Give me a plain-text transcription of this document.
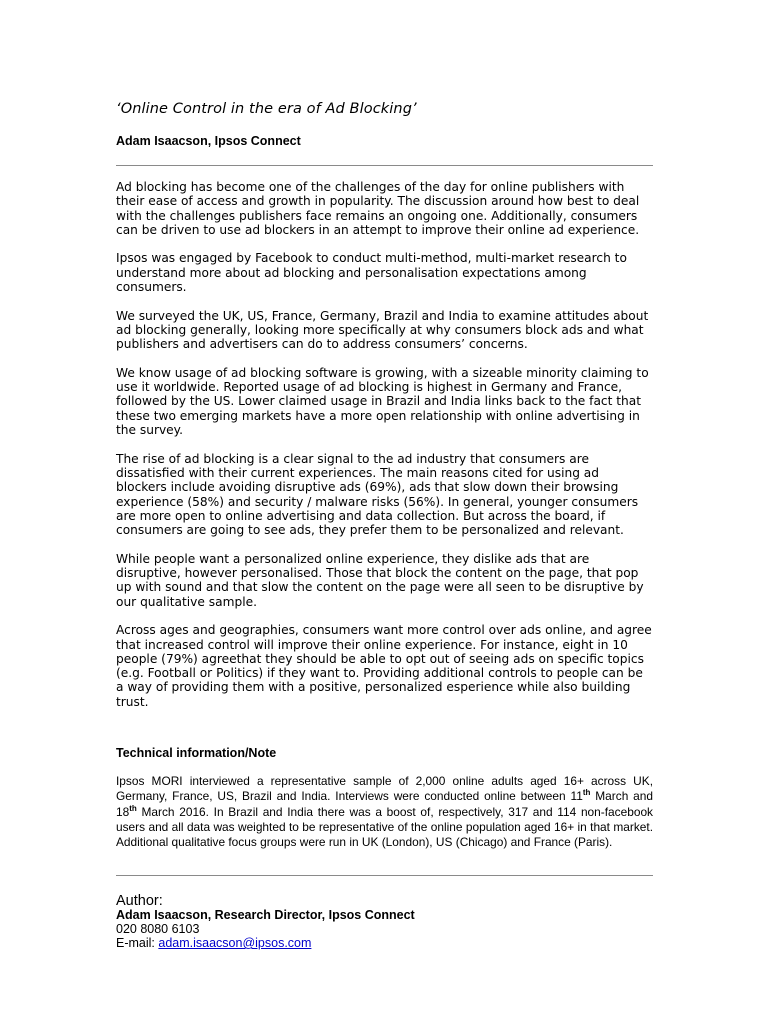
‘Online Control in the era of Ad Blocking’
Adam Isaacson, Ipsos Connect

Ad blocking has become one of the challenges of the day for online publishers with their ease of access and growth in popularity. The discussion around how best to deal with the challenges publishers face remains an ongoing one. Additionally, consumers can be driven to use ad blockers in an attempt to improve their online ad experience.

Ipsos was engaged by Facebook to conduct multi-method, multi-market research to understand more about ad blocking and personalisation expectations among consumers.

We surveyed the UK, US, France, Germany, Brazil and India to examine attitudes about ad blocking generally, looking more specifically at why consumers block ads and what publishers and advertisers can do to address consumers’ concerns.

We know usage of ad blocking software is growing, with a sizeable minority claiming to use it worldwide. Reported usage of ad blocking is highest in Germany and France, followed by the US. Lower claimed usage in Brazil and India links back to the fact that these two emerging markets have a more open relationship with online advertising in the survey.

The rise of ad blocking is a clear signal to the ad industry that consumers are dissatisfied with their current experiences. The main reasons cited for using ad blockers include avoiding disruptive ads (69%), ads that slow down their browsing experience (58%) and security / malware risks (56%). In general, younger consumers are more open to online advertising and data collection. But across the board, if consumers are going to see ads, they prefer them to be personalized and relevant.

While people want a personalized online experience, they dislike ads that are disruptive, however personalised. Those that block the content on the page, that pop up with sound and that slow the content on the page were all seen to be disruptive by our qualitative sample.

Across ages and geographies, consumers want more control over ads online, and agree that increased control will improve their online experience. For instance, eight in 10 people (79%) agreethat they should be able to opt out of seeing ads on specific topics (e.g. Football or Politics) if they want to. Providing additional controls to people can be a way of providing them with a positive, personalized esperience while also building trust.

Technical information/Note
Ipsos MORI interviewed a representative sample of 2,000 online adults aged 16+ across UK, Germany, France, US, Brazil and India. Interviews were conducted online between 11th March and 18th March 2016. In Brazil and India there was a boost of, respectively, 317 and 114 non-facebook users and all data was weighted to be representative of the online population aged 16+ in that market. Additional qualitative focus groups were run in UK (London), US (Chicago) and France (Paris).
Author:
Adam Isaacson, Research Director, Ipsos Connect
020 8080 6103
E-mail: adam.isaacson@ipsos.com
